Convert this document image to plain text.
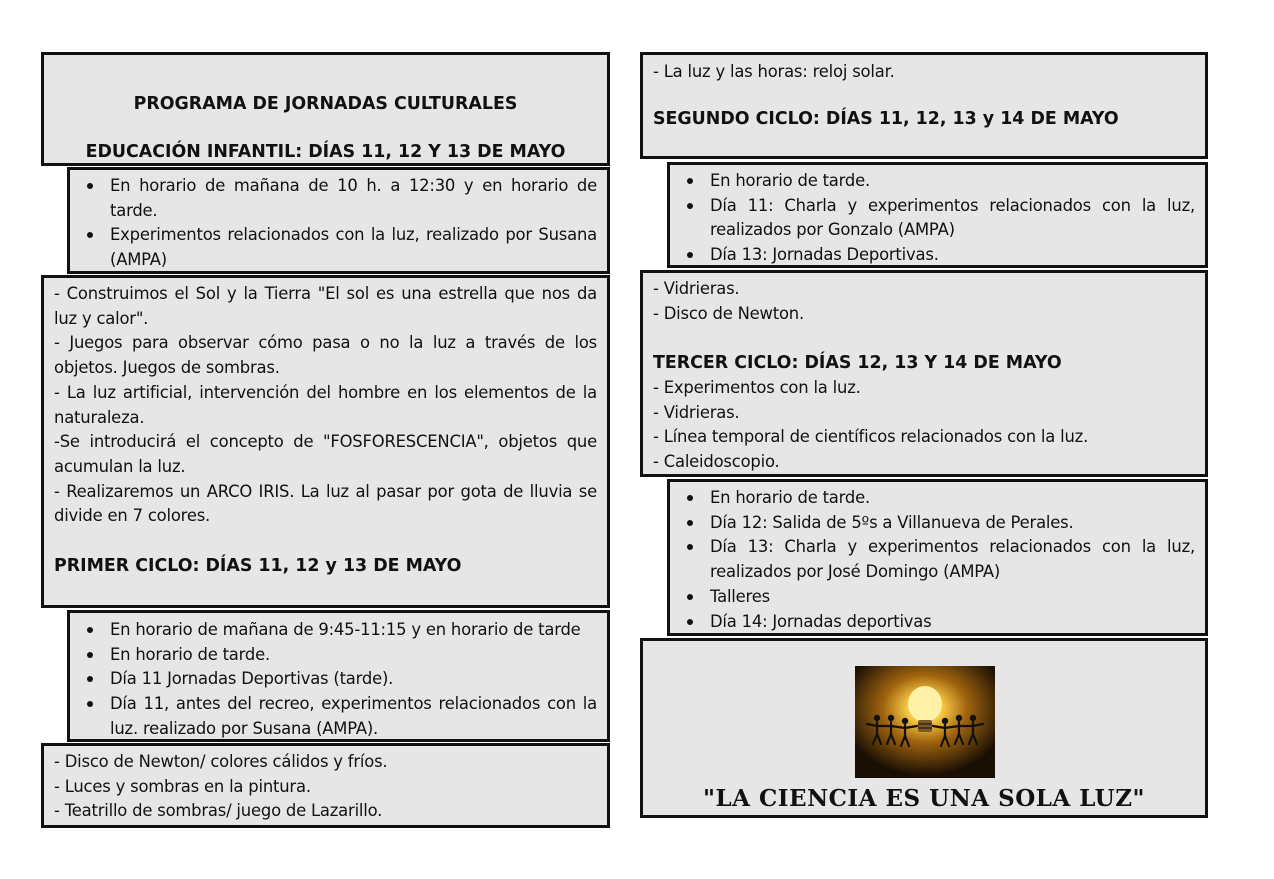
PROGRAMA DE JORNADAS CULTURALES
EDUCACIÓN INFANTIL: DÍAS 11, 12 Y 13 DE MAYO
En horario de mañana de 10 h. a 12:30 y en horario de tarde.
Experimentos relacionados con la luz, realizado por Susana (AMPA)
- Construimos el Sol y la Tierra "El sol es una estrella que nos da luz y calor".
- Juegos para observar cómo pasa o no la luz a través de los objetos. Juegos de sombras.
- La luz artificial, intervención del hombre en los elementos de la naturaleza.
-Se introducirá el concepto de "FOSFORESCENCIA", objetos que acumulan la luz.
- Realizaremos un ARCO IRIS. La luz al pasar por gota de lluvia se divide en 7 colores.
PRIMER CICLO: DÍAS 11, 12 y 13 DE MAYO
En horario de mañana de 9:45-11:15 y en horario de tarde
En horario de tarde.
Día 11 Jornadas Deportivas (tarde).
Día 11, antes del recreo, experimentos relacionados con la luz. realizado por Susana (AMPA).
- Disco de Newton/ colores cálidos y fríos.
- Luces y sombras en la pintura.
- Teatrillo de sombras/ juego de Lazarillo.
- La luz y las horas: reloj solar.
SEGUNDO CICLO: DÍAS 11, 12, 13 y 14 DE MAYO
En horario de tarde.
Día 11: Charla y experimentos relacionados con la luz, realizados por Gonzalo (AMPA)
Día 13: Jornadas Deportivas.
- Vidrieras.
- Disco de Newton.
TERCER CICLO: DÍAS 12, 13 Y 14 DE MAYO
- Experimentos con la luz.
- Vidrieras.
- Línea temporal de científicos relacionados con la luz.
- Caleidoscopio.
En horario de tarde.
Día 12: Salida de 5ºs a Villanueva de Perales.
Día 13: Charla y experimentos relacionados con la luz, realizados por José Domingo (AMPA)
Talleres
Día 14: Jornadas deportivas
"LA CIENCIA ES UNA SOLA LUZ"
